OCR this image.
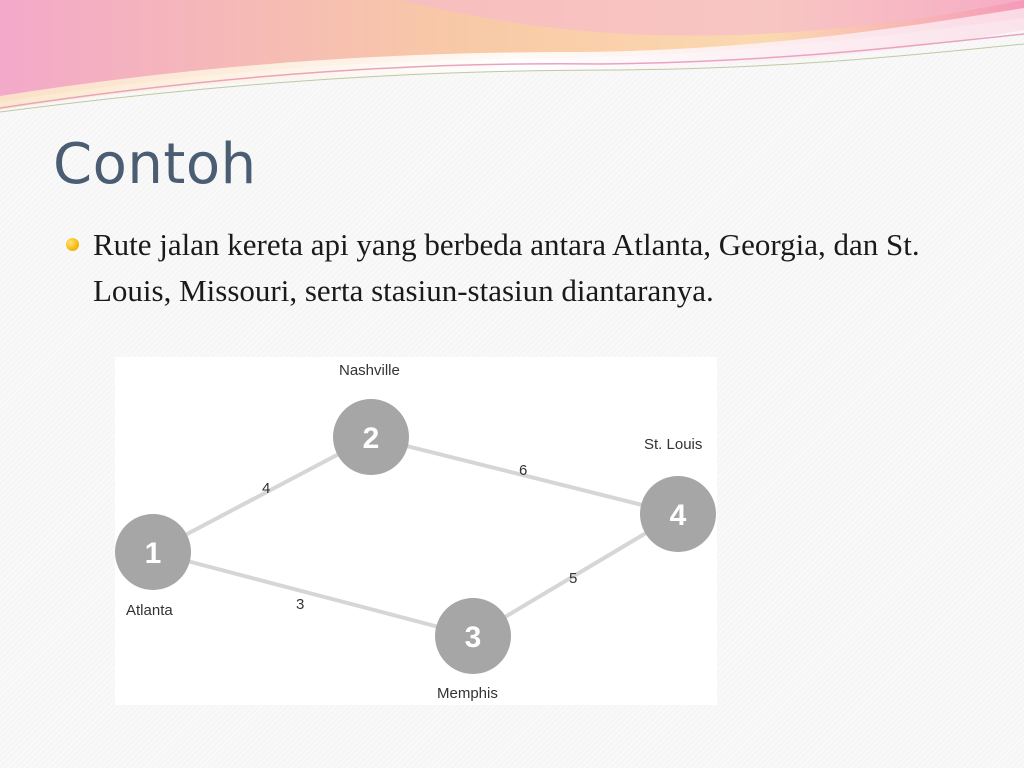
Contoh

Rute jalan kereta api yang berbeda antara Atlanta, Georgia, dan St. Louis, Missouri, serta stasiun-stasiun diantaranya.

4
6
3
5
1
2
3
4
Atlanta
Nashville
Memphis
St. Louis
